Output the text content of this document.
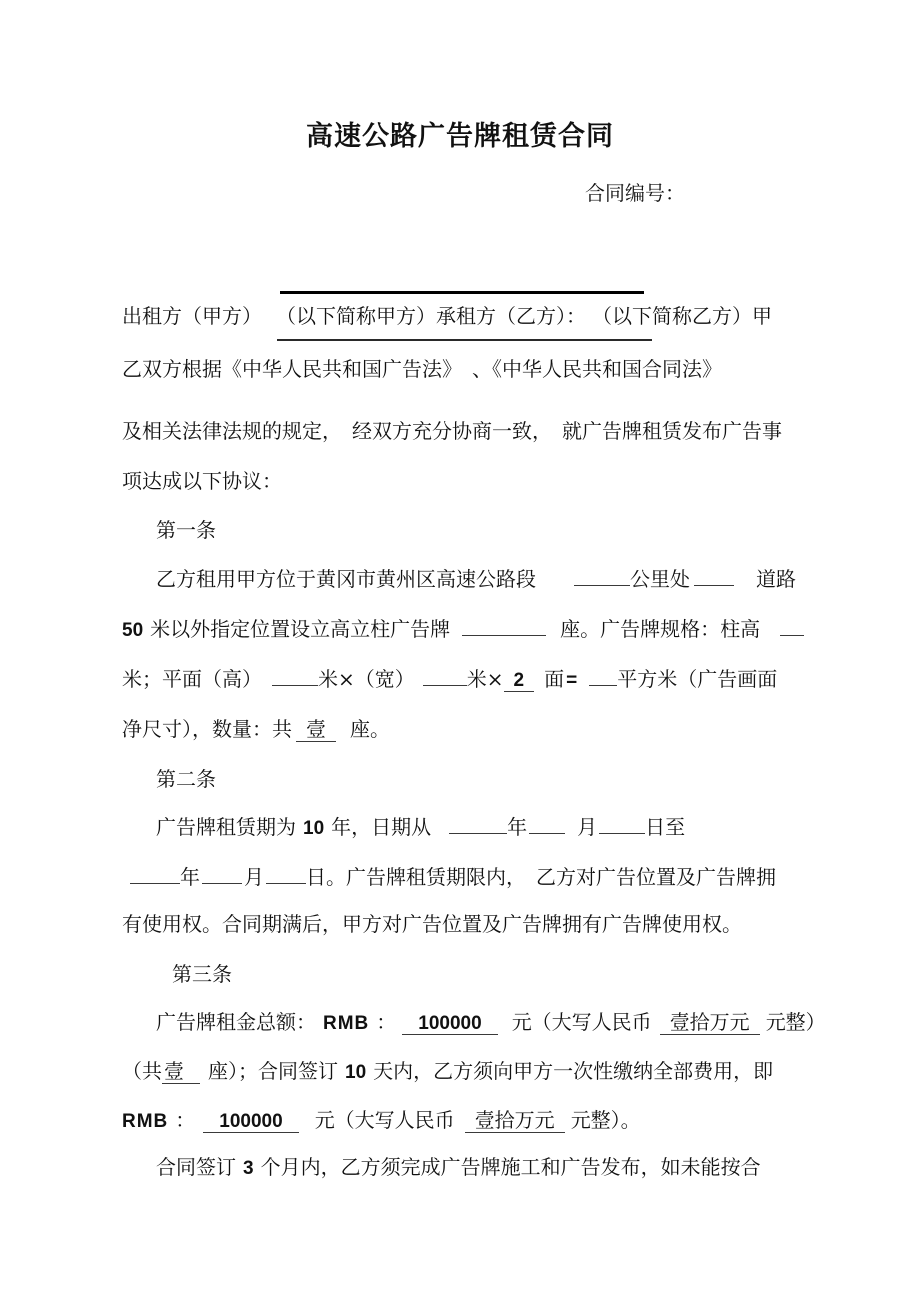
高速公路广告牌租赁合同
合同编号：
出租方（甲方） （以下简称甲方）承租方（乙方）： （以下简称乙方）甲
乙双方根据《中华人民共和国广告法》　、《中华人民共和国合同法》
及相关法律法规的规定，　经双方充分协商一致，　就广告牌租赁发布广告事
项达成以下协议：
第一条
乙方租用甲方位于黄冈市黄州区高速公路段	公里处	道路
50 米以外指定位置设立高立柱广告牌	座。广告牌规格：柱高
米；平面（高）	米×（宽）	米× 2 面 = 平方米（广告画面
净尺寸），数量：共 壹 座。
第二条
广告牌租赁期为 10 年，日期从	年	月 日至
年 月 日。广告牌租赁期限内，　乙方对广告位置及广告牌拥
有使用权。合同期满后，甲方对广告位置及广告牌拥有广告牌使用权。
第三条
广告牌租金总额： RMB ： 100000 元（大写人民币 壹拾万元 元整）
（共 壹 座）；合同签订 10 天内，乙方须向甲方一次性缴纳全部费用，即
RMB ： 100000 元（大写人民币 壹拾万元 元整）。
合同签订 3 个月内，乙方须完成广告牌施工和广告发布，如未能按合
